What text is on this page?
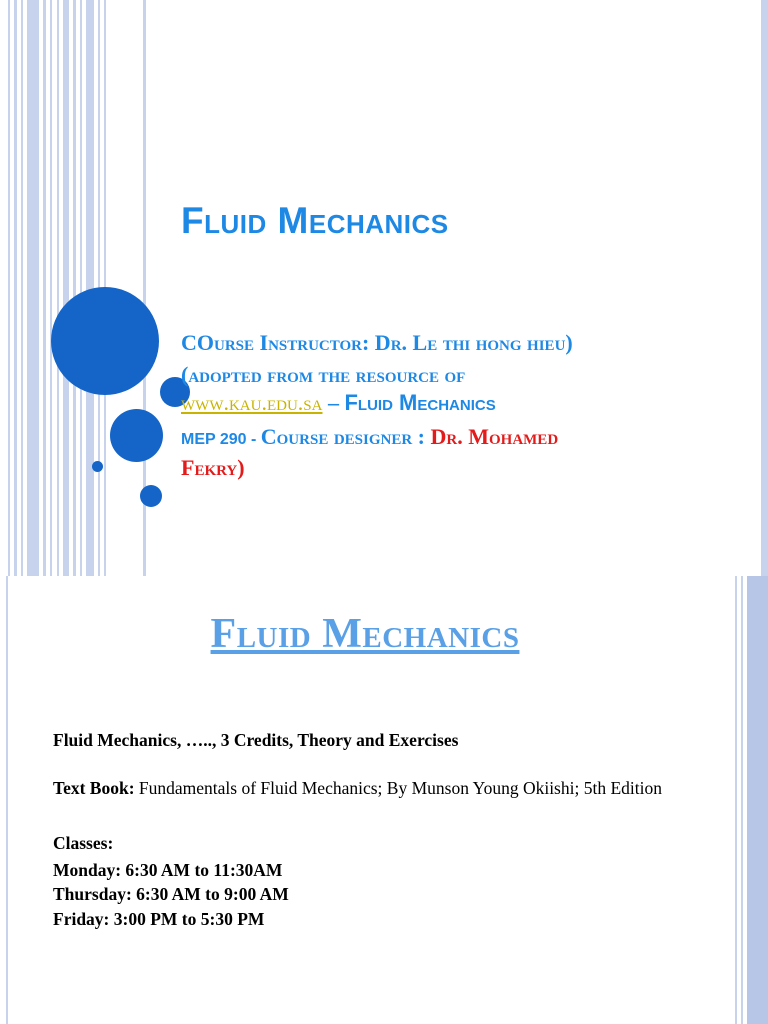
Fluid Mechanics

COurse Instructor: Dr. Le thi hong hieu)

(adopted from the resource of

www.kau.edu.sa – Fluid Mechanics

MEP 290 - Course designer : Dr. Mohamed

Fekry)

Fluid Mechanics

Fluid Mechanics, ….., 3 Credits, Theory and Exercises

Text Book: Fundamentals of Fluid Mechanics; By Munson Young Okiishi; 5th Edition

Classes:

Monday: 6:30 AM to 11:30AM

Thursday: 6:30 AM to 9:00 AM

Friday: 3:00 PM to 5:30 PM
